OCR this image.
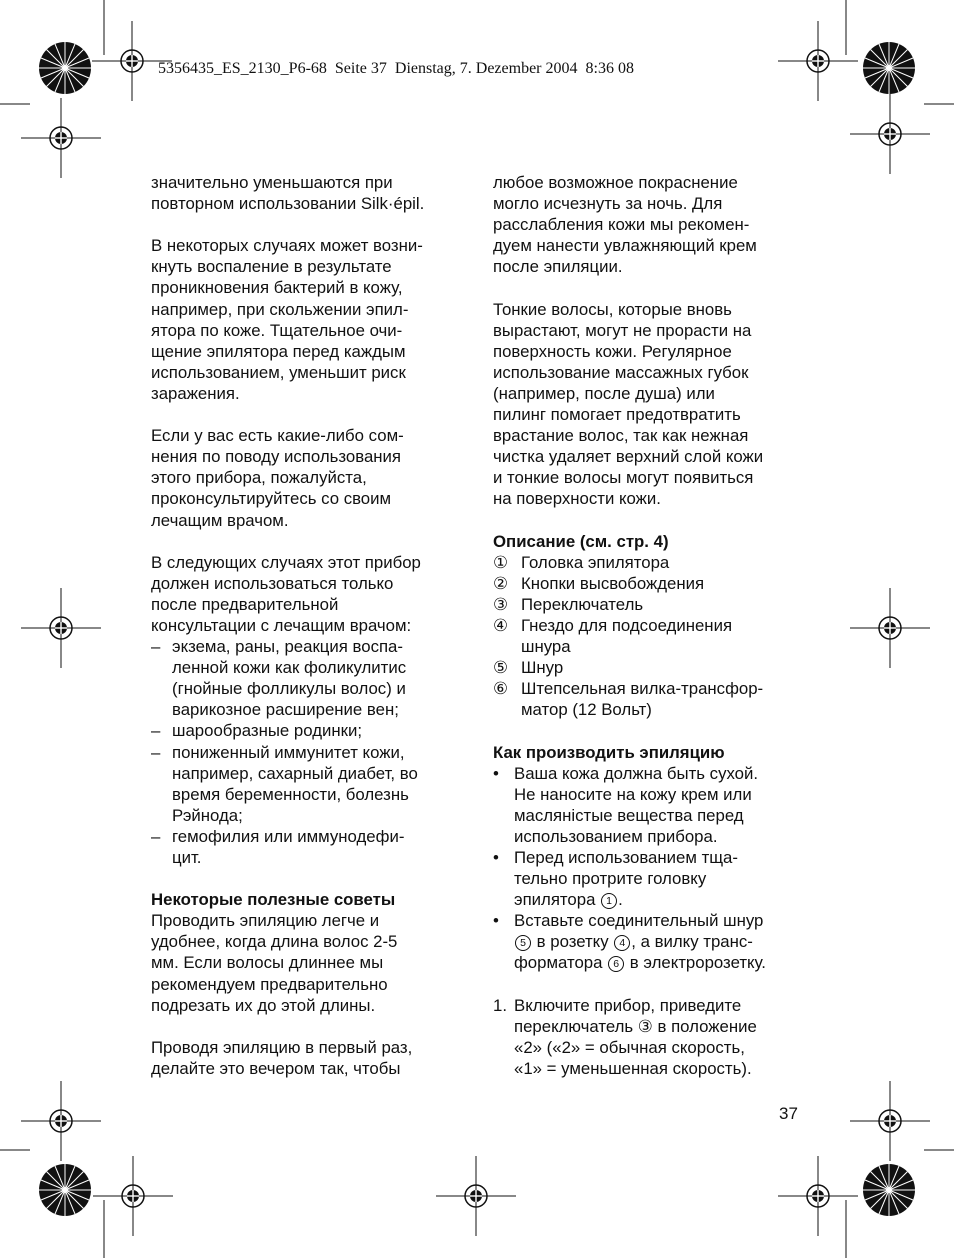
5356435_ES_2130_P6-68  Seite 37  Dienstag, 7. Dezember 2004  8:36 08
значительно уменьшаются при
повторном использовании Silk·épil.
В некоторых случаях может возни-
кнуть воспаление в результате
проникновения бактерий в кожу,
например, при скольжении эпил-
ятора по коже. Тщательное очи-
щение эпилятора перед каждым
использованием, уменьшит риск
заражения.
Если у вас есть какие-либо сом-
нения по поводу использования
этого прибора, пожалуйста,
проконсультируйтесь со своим
лечащим врачом.
В следующих случаях этот прибор
должен использоваться только
после предварительной
консультации с лечащим врачом:
– экзема, раны, реакция воспа-
ленной кожи как фоликулитис
(гнойные фолликулы волос) и
варикозное расширение вен;
– шарообразные родинки;
– пониженный иммунитет кожи,
например, сахарный диабет, во
время беременности, болезнь
Рэйнода;
– гемофилия или иммунодефи-
цит.
Некоторые полезные советы
Проводить эпиляцию легче и
удобнее, когда длина волос 2-5
мм. Если волосы длиннее мы
рекомендуем предварительно
подрезать их до этой длины.
Проводя эпиляцию в первый раз,
делайте это вечером так, чтобы
любое возможное покраснение
могло исчезнуть за ночь. Для
расслабления кожи мы рекомен-
дуем нанести увлажняющий крем
после эпиляции.
Тонкие волосы, которые вновь
вырастают, могут не прорасти на
поверхность кожи. Регулярное
использование массажных губок
(например, после душа) или
пилинг помогает предотвратить
врастание волос, так как нежная
чистка удаляет верхний слой кожи
и тонкие волосы могут появиться
на поверхности кожи.
Описание (см. стр. 4)
① Головка эпилятора
② Кнопки высвобождения
③ Переключатель
④ Гнездо для подсоединения
шнура
⑤ Шнур
⑥ Штепсельная вилка-трансфор-
матор (12 Вольт)
Как производить эпиляцию
• Ваша кожа должна быть сухой.
Не наносите на кожу крем или
масляністые вещества перед
использованием прибора.
• Перед использованием тща-
тельно протрите головку
эпилятора 1 .
• Вставьте соединительный шнур
5 в розетку 4 , а вилку транс-
форматора 6 в электророзетку.
1. Включите прибор, приведите
переключатель ③ в положение
«2» («2» = обычная скорость,
«1» = уменьшенная скорость).
37
